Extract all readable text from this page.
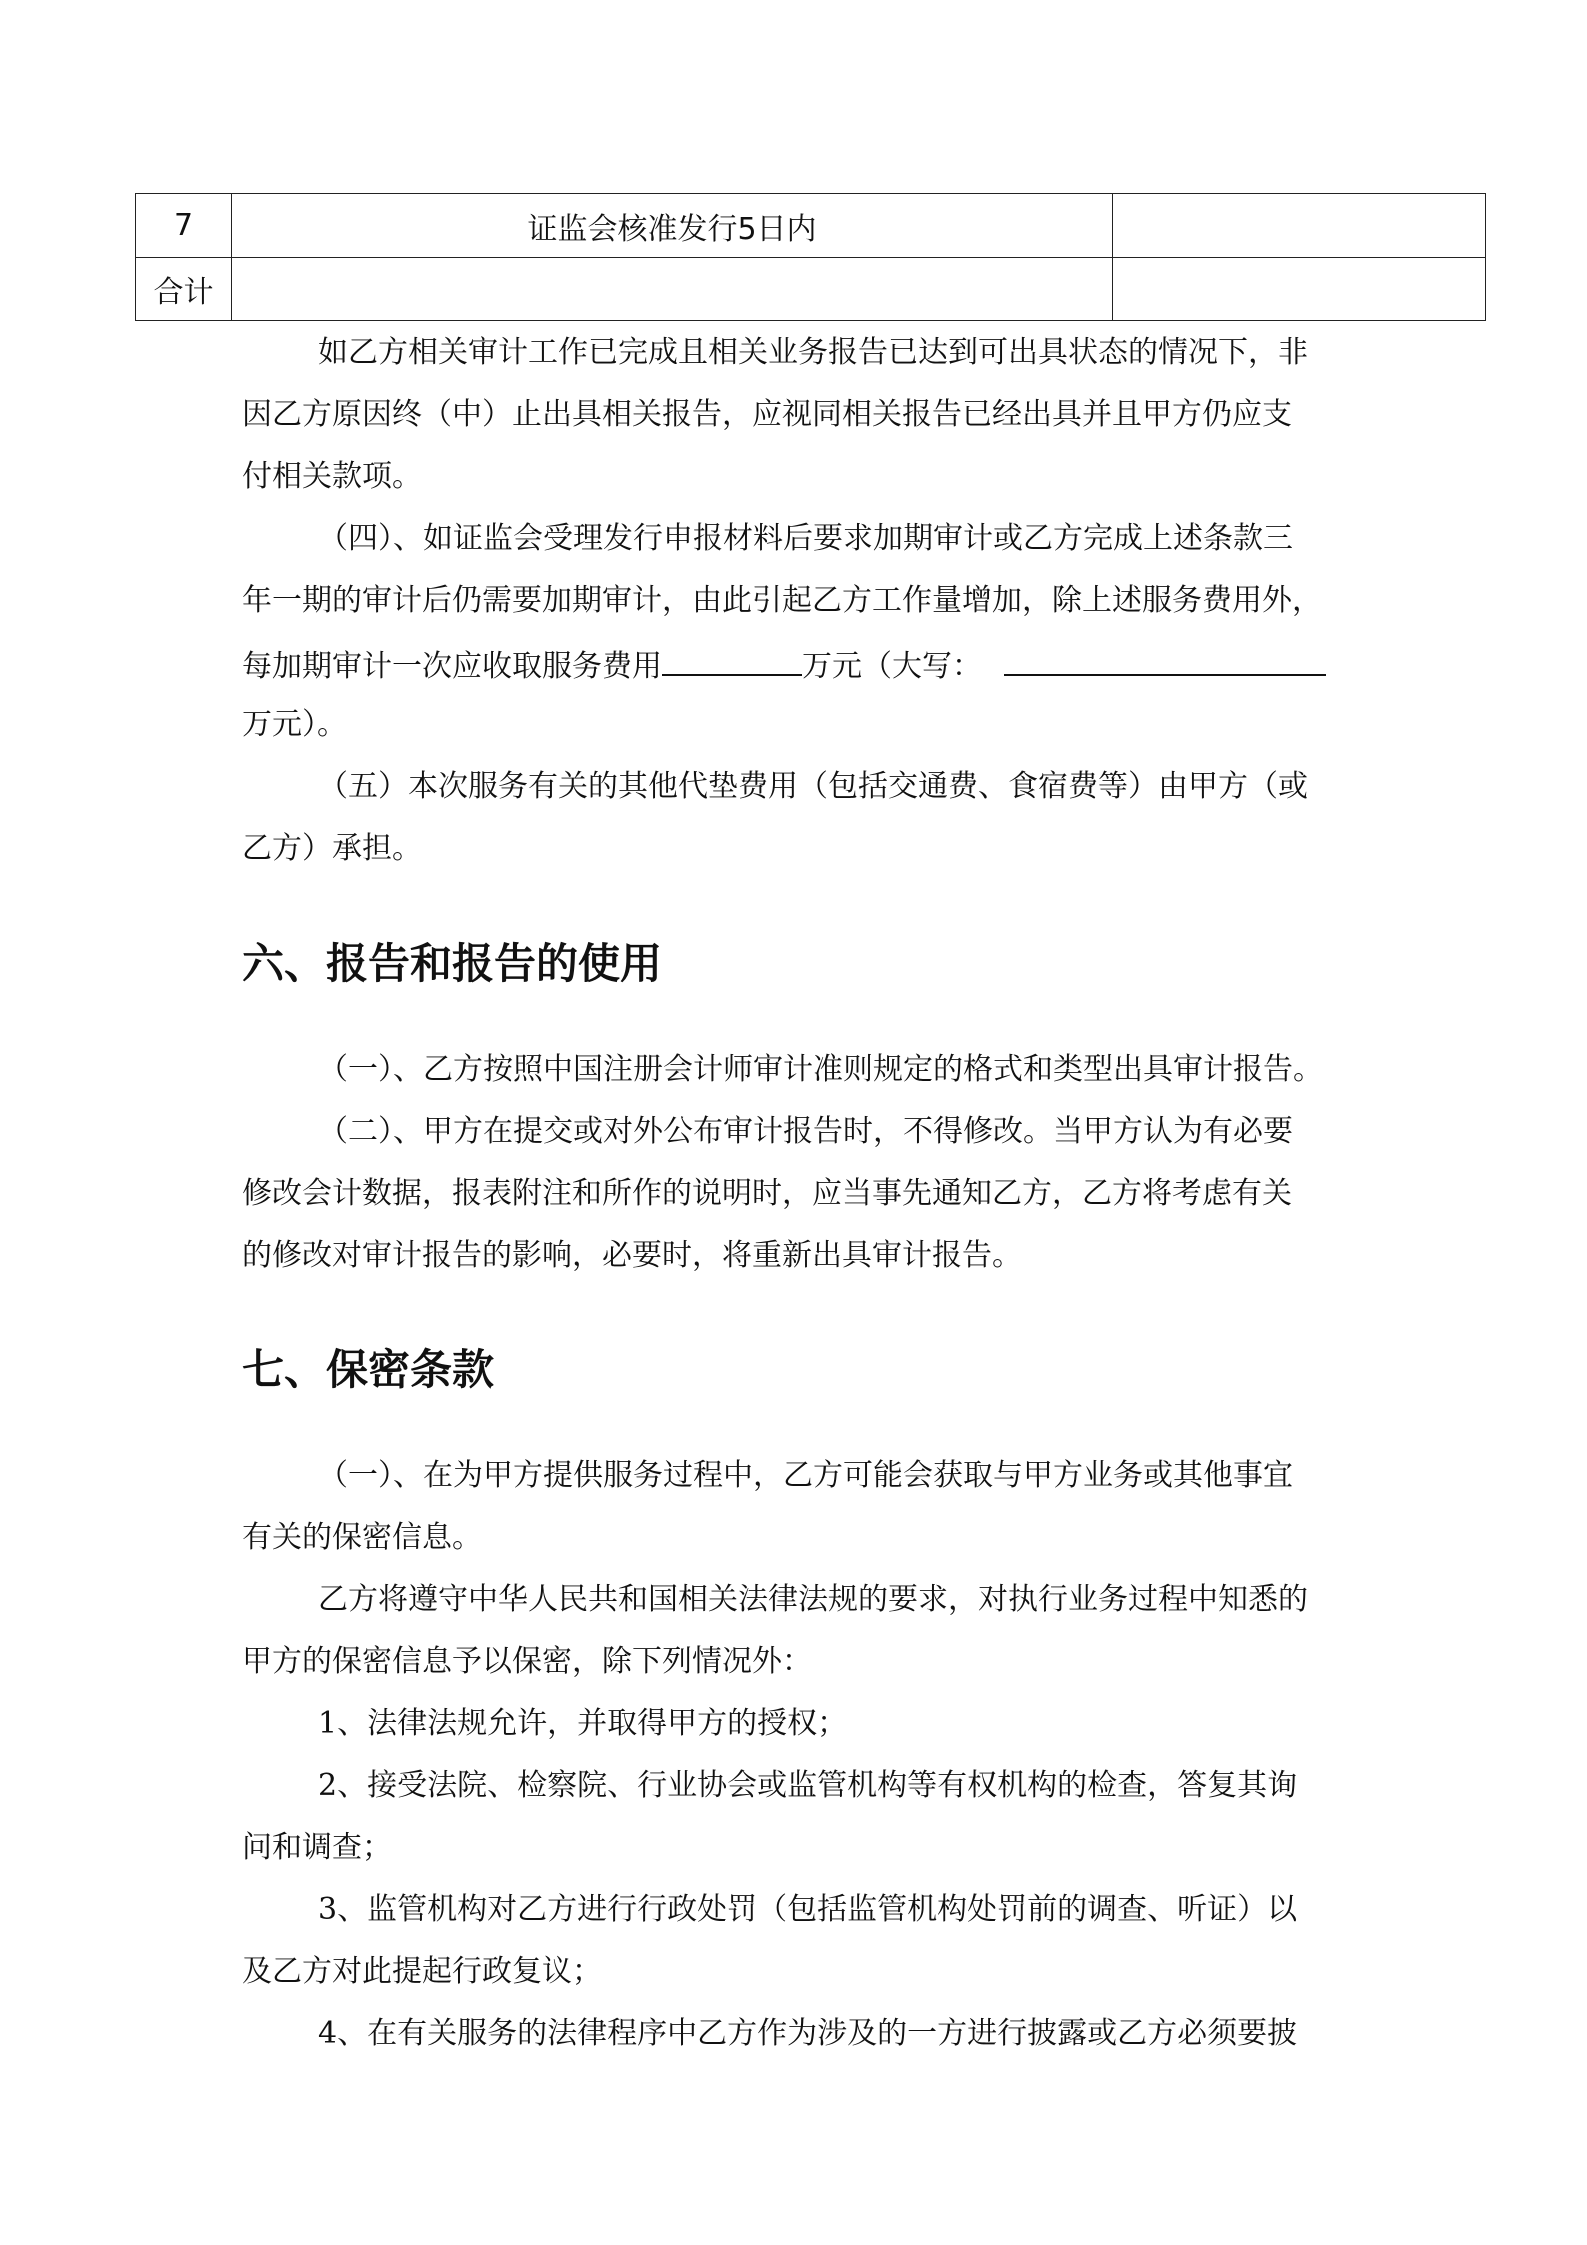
7	证监会核准发行5日内	
合计		
如乙方相关审计工作已完成且相关业务报告已达到可出具状态的情况下，非
因乙方原因终（中）止出具相关报告，应视同相关报告已经出具并且甲方仍应支
付相关款项。
（四）、如证监会受理发行申报材料后要求加期审计或乙方完成上述条款三
年一期的审计后仍需要加期审计，由此引起乙方工作量增加，除上述服务费用外，
每加期审计一次应收取服务费用	万元（大写：
万元）。
（五）本次服务有关的其他代垫费用（包括交通费、食宿费等）由甲方（或
乙方）承担。
六、报告和报告的使用
（一）、乙方按照中国注册会计师审计准则规定的格式和类型出具审计报告。
（二）、甲方在提交或对外公布审计报告时，不得修改。当甲方认为有必要
修改会计数据，报表附注和所作的说明时，应当事先通知乙方，乙方将考虑有关
的修改对审计报告的影响，必要时，将重新出具审计报告。
七、保密条款
（一）、在为甲方提供服务过程中，乙方可能会获取与甲方业务或其他事宜
有关的保密信息。
乙方将遵守中华人民共和国相关法律法规的要求，对执行业务过程中知悉的
甲方的保密信息予以保密，除下列情况外：
1、法律法规允许，并取得甲方的授权；
2、接受法院、检察院、行业协会或监管机构等有权机构的检查，答复其询
问和调查；
3、监管机构对乙方进行行政处罚（包括监管机构处罚前的调查、听证）以
及乙方对此提起行政复议；
4、在有关服务的法律程序中乙方作为涉及的一方进行披露或乙方必须要披
